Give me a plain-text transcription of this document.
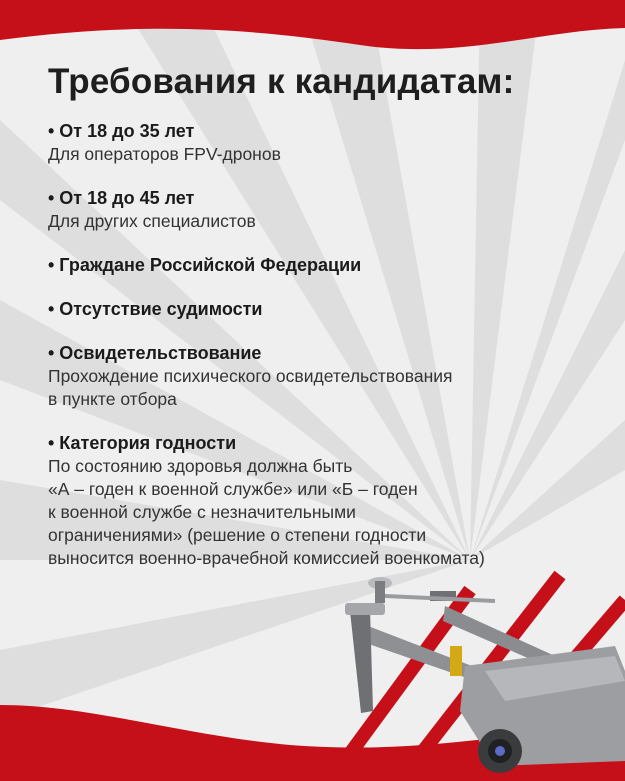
Требования к кандидатам:
• От 18 до 35 лет
Для операторов FPV-дронов
• От 18 до 45 лет
Для других специалистов
• Граждане Российской Федерации
• Отсутствие судимости
• Освидетельствование
Прохождение психического освидетельствования
в пункте отбора
• Категория годности
По состоянию здоровья должна быть
«А – годен к военной службе» или «Б – годен
к военной службе с незначительными
ограничениями» (решение о степени годности
выносится военно-врачебной комиссией военкомата)
